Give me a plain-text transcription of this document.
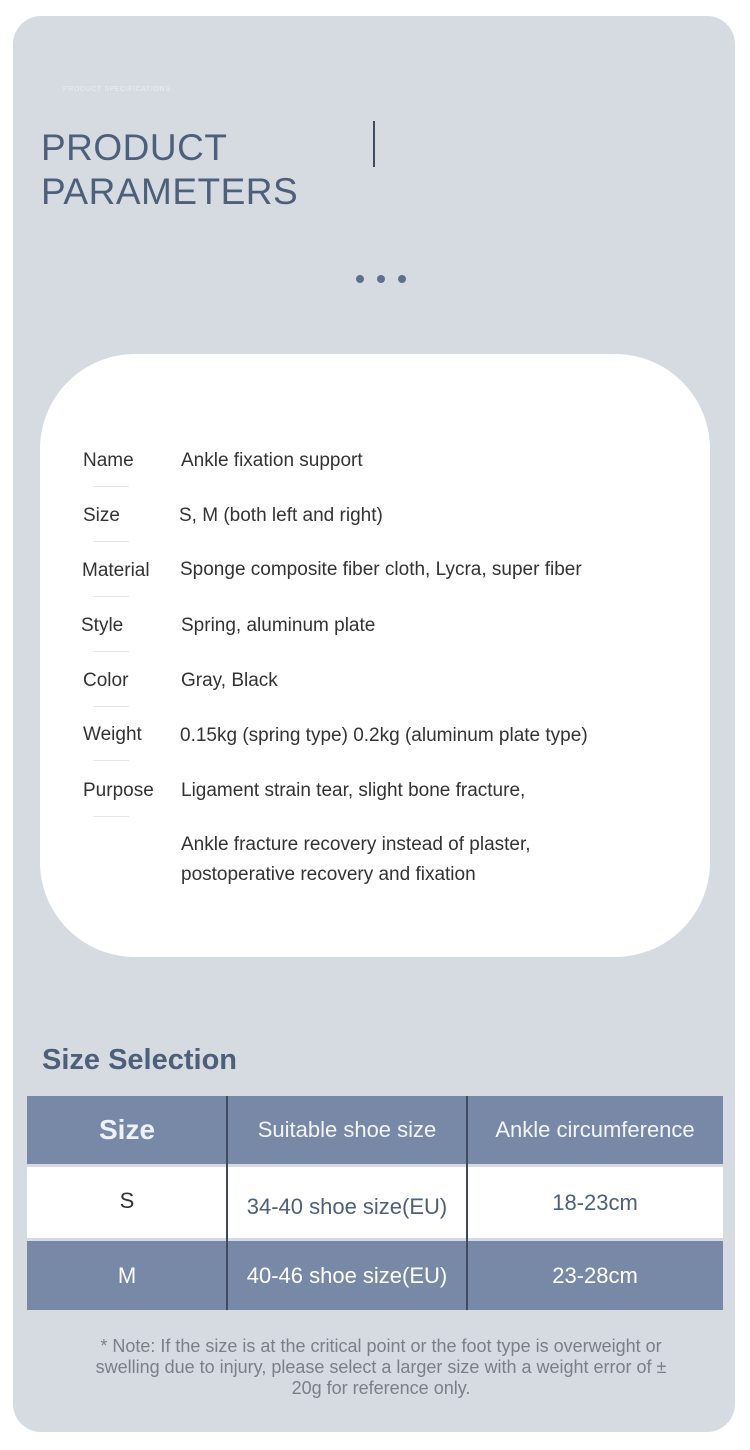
PRODUCT SPECIFICATIONS
PRODUCT
PARAMETERS
Name Ankle fixation support
Size	S, M (both left and right)
Material Sponge composite fiber cloth, Lycra, super fiber
Style	Spring, aluminum plate
Color	Gray, Black
Weight 0.15kg (spring type) 0.2kg (aluminum plate type)
Purpose Ligament strain tear, slight bone fracture,
Ankle fracture recovery instead of plaster,
postoperative recovery and fixation
Size Selection
Size	Suitable shoe size	Ankle circumference
S	34-40 shoe size(EU)	18-23cm
M	40-46 shoe size(EU)	23-28cm
* Note: If the size is at the critical point or the foot type is overweight or
swelling due to injury, please select a larger size with a weight error of ±
20g for reference only.
